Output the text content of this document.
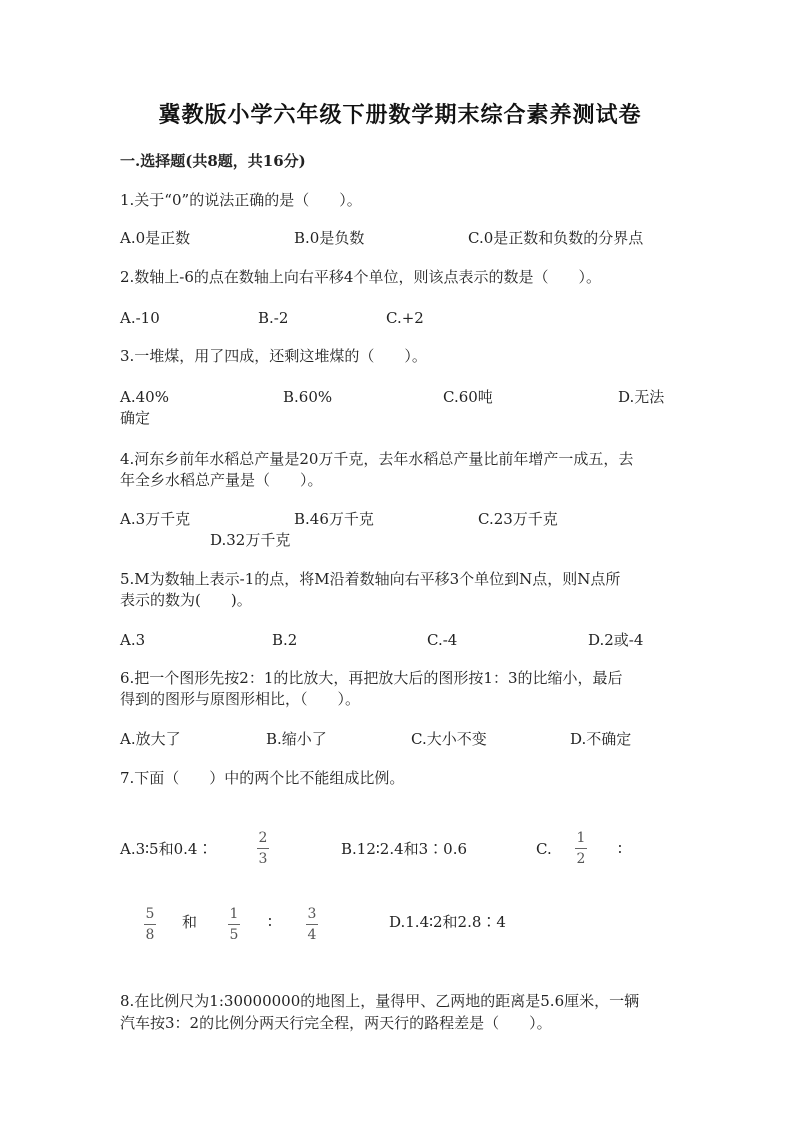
冀教版小学六年级下册数学期末综合素养测试卷
一.选择题(共8题，共16分)
1.关于“0”的说法正确的是（　　）。
A.0是正数	B.0是负数	C.0是正数和负数的分界点
2.数轴上-6的点在数轴上向右平移4个单位，则该点表示的数是（　　）。
A.-10	B.-2	C.+2
3.一堆煤，用了四成，还剩这堆煤的（　　）。
A.40%	B.60%	C.60吨	D.无法
确定
4.河东乡前年水稻总产量是20万千克，去年水稻总产量比前年增产一成五，去
年全乡水稻总产量是（　　）。
A.3万千克	B.46万千克	C.23万千克
D.32万千克
5.M为数轴上表示-1的点，将M沿着数轴向右平移3个单位到N点，则N点所
表示的数为(　　)。
A.3	B.2	C.-4	D.2或-4
6.把一个图形先按2：1的比放大，再把放大后的图形按1：3的比缩小，最后
得到的图形与原图形相比，（　　）。
A.放大了	B.缩小了	C.大小不变	D.不确定
7.下面（　　）中的两个比不能组成比例。
A.3∶5和0.4∶
2
3
B.12∶2.4和3∶0.6	C.
1
2
∶
5
8
和 1
5
∶	3
4
D.1.4∶2和2.8∶4
8.在比例尺为1:30000000的地图上，量得甲、乙两地的距离是5.6厘米，一辆
汽车按3：2的比例分两天行完全程，两天行的路程差是（　　）。
